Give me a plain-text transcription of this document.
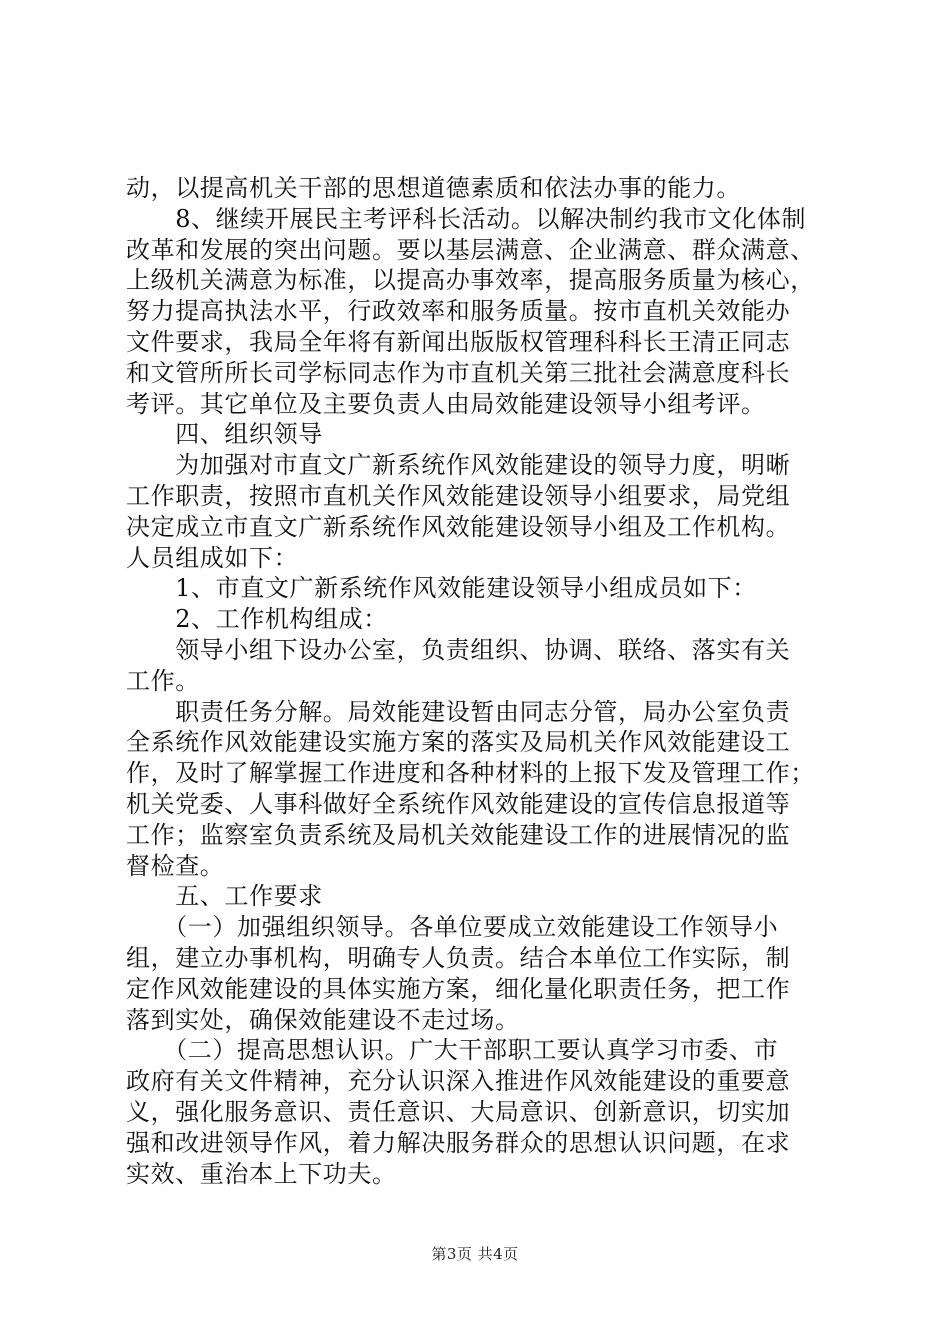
动，以提高机关干部的思想道德素质和依法办事的能力。
　　8、继续开展民主考评科长活动。以解决制约我市文化体制
改革和发展的突出问题。要以基层满意、企业满意、群众满意、
上级机关满意为标准，以提高办事效率，提高服务质量为核心，
努力提高执法水平，行政效率和服务质量。按市直机关效能办
文件要求，我局全年将有新闻出版版权管理科科长王清正同志
和文管所所长司学标同志作为市直机关第三批社会满意度科长
考评。其它单位及主要负责人由局效能建设领导小组考评。
　　四、组织领导
　　为加强对市直文广新系统作风效能建设的领导力度，明晰
工作职责，按照市直机关作风效能建设领导小组要求，局党组
决定成立市直文广新系统作风效能建设领导小组及工作机构。
人员组成如下：
　　1、市直文广新系统作风效能建设领导小组成员如下：
　　2、工作机构组成：
　　领导小组下设办公室，负责组织、协调、联络、落实有关
工作。
　　职责任务分解。局效能建设暂由同志分管，局办公室负责
全系统作风效能建设实施方案的落实及局机关作风效能建设工
作，及时了解掌握工作进度和各种材料的上报下发及管理工作；
机关党委、人事科做好全系统作风效能建设的宣传信息报道等
工作；监察室负责系统及局机关效能建设工作的进展情况的监
督检查。
　　五、工作要求
　　（一）加强组织领导。各单位要成立效能建设工作领导小
组，建立办事机构，明确专人负责。结合本单位工作实际，制
定作风效能建设的具体实施方案，细化量化职责任务，把工作
落到实处，确保效能建设不走过场。
　　（二）提高思想认识。广大干部职工要认真学习市委、市
政府有关文件精神，充分认识深入推进作风效能建设的重要意
义，强化服务意识、责任意识、大局意识、创新意识，切实加
强和改进领导作风，着力解决服务群众的思想认识问题，在求
实效、重治本上下功夫。
第3页 共4页
